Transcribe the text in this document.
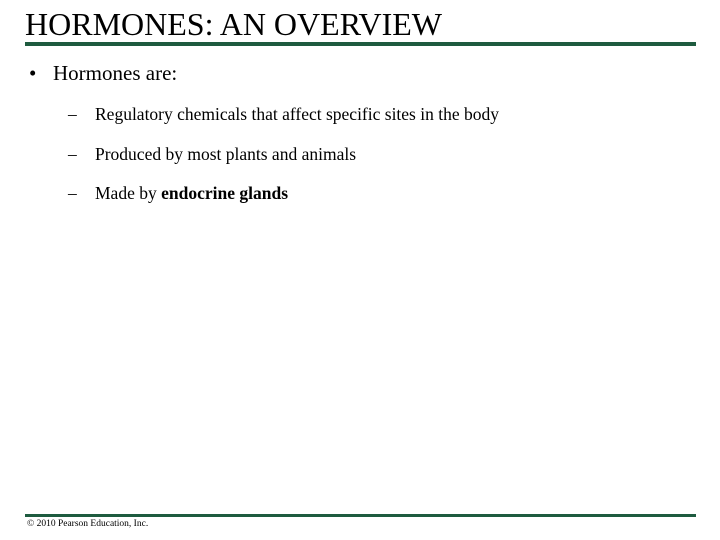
HORMONES: AN OVERVIEW
• Hormones are:
– Regulatory chemicals that affect specific sites in the body
– Produced by most plants and animals
– Made by endocrine glands
© 2010 Pearson Education, Inc.
